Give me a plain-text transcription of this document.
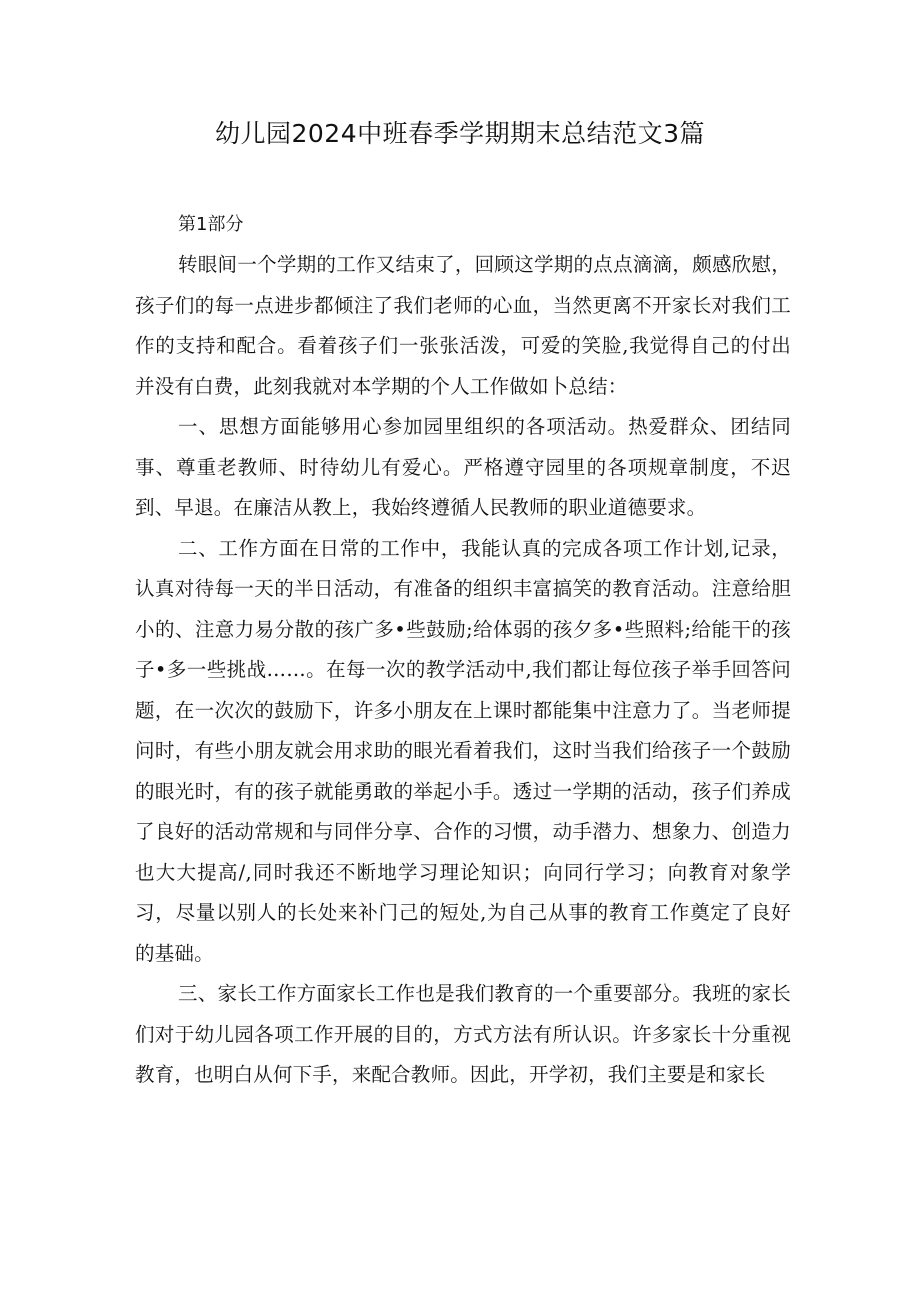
幼儿园2024中班春季学期期末总结范文3篇

第1部分

转眼间一个学期的工作又结束了，回顾这学期的点点滴滴，颇感欣慰，孩子们的每一点进步都倾注了我们老师的心血，当然更离不开家长对我们工作的支持和配合。看着孩子们一张张活泼，可爱的笑脸,我觉得自己的付出并没有白费，此刻我就对本学期的个人工作做如卜总结：

一、思想方面能够用心参加园里组织的各项活动。热爱群众、团结同事、尊重老教师、时待幼儿有爱心。严格遵守园里的各项规章制度，不迟到、早退。在廉洁从教上，我始终遵循人民教师的职业道德要求。

二、工作方面在日常的工作中，我能认真的完成各项工作计划,记录，认真对待每一天的半日活动，有准备的组织丰富搞笑的教育活动。注意给胆小的、注意力易分散的孩广多•些鼓励;给体弱的孩夕多•些照料;给能干的孩子•多一些挑战……。在每一次的教学活动中,我们都让每位孩子举手回答问题，在一次次的鼓励下，许多小朋友在上课时都能集中注意力了。当老师提问时，有些小朋友就会用求助的眼光看着我们，这时当我们给孩子一个鼓励的眼光时，有的孩子就能勇敢的举起小手。透过一学期的活动，孩子们养成了良好的活动常规和与同伴分享、合作的习惯，动手潜力、想象力、创造力也大大提高/,同时我还不断地学习理论知识；向同行学习；向教育对象学习，尽量以别人的长处来补门己的短处,为自己从事的教育工作奠定了良好的基础。

三、家长工作方面家长工作也是我们教育的一个重要部分。我班的家长们对于幼儿园各项工作开展的目的，方式方法有所认识。许多家长十分重视教育，也明白从何下手，来配合教师。因此，开学初，我们主要是和家长
